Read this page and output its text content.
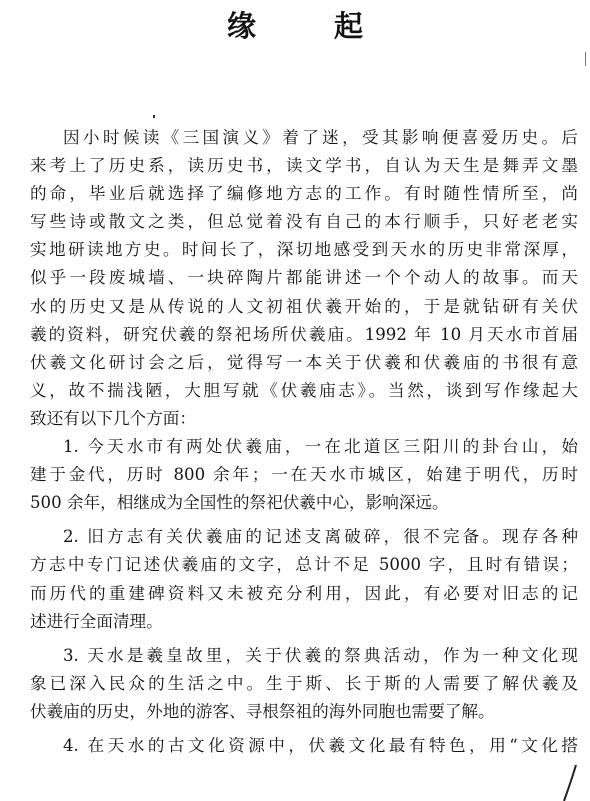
缘 起
因小时候读《三国演义》着了迷，受其影响便喜爱历史。后
来考上了历史系，读历史书，读文学书，自认为天生是舞弄文墨
的命，毕业后就选择了编修地方志的工作。有时随性情所至，尚
写些诗或散文之类，但总觉着没有自己的本行顺手，只好老老实
实地研读地方史。时间长了，深切地感受到天水的历史非常深厚，
似乎一段废城墙、一块碎陶片都能讲述一个个动人的故事。而天
水的历史又是从传说的人文初祖伏羲开始的，于是就钻研有关伏
羲的资料，研究伏羲的祭祀场所伏羲庙。1992 年 10 月天水市首届
伏羲文化研讨会之后，觉得写一本关于伏羲和伏羲庙的书很有意
义，故不揣浅陋，大胆写就《伏羲庙志》。当然，谈到写作缘起大
致还有以下几个方面：
1. 今天水市有两处伏羲庙，一在北道区三阳川的卦台山，始
建于金代，历时 800 余年；一在天水市城区，始建于明代，历时
500 余年，相继成为全国性的祭祀伏羲中心，影响深远。
2. 旧方志有关伏羲庙的记述支离破碎，很不完备。现存各种
方志中专门记述伏羲庙的文字，总计不足 5000 字，且时有错误；
而历代的重建碑资料又未被充分利用，因此，有必要对旧志的记
述进行全面清理。
3. 天水是羲皇故里，关于伏羲的祭典活动，作为一种文化现
象已深入民众的生活之中。生于斯、长于斯的人需要了解伏羲及
伏羲庙的历史，外地的游客、寻根祭祖的海外同胞也需要了解。
4. 在天水的古文化资源中，伏羲文化最有特色，用“文化搭
